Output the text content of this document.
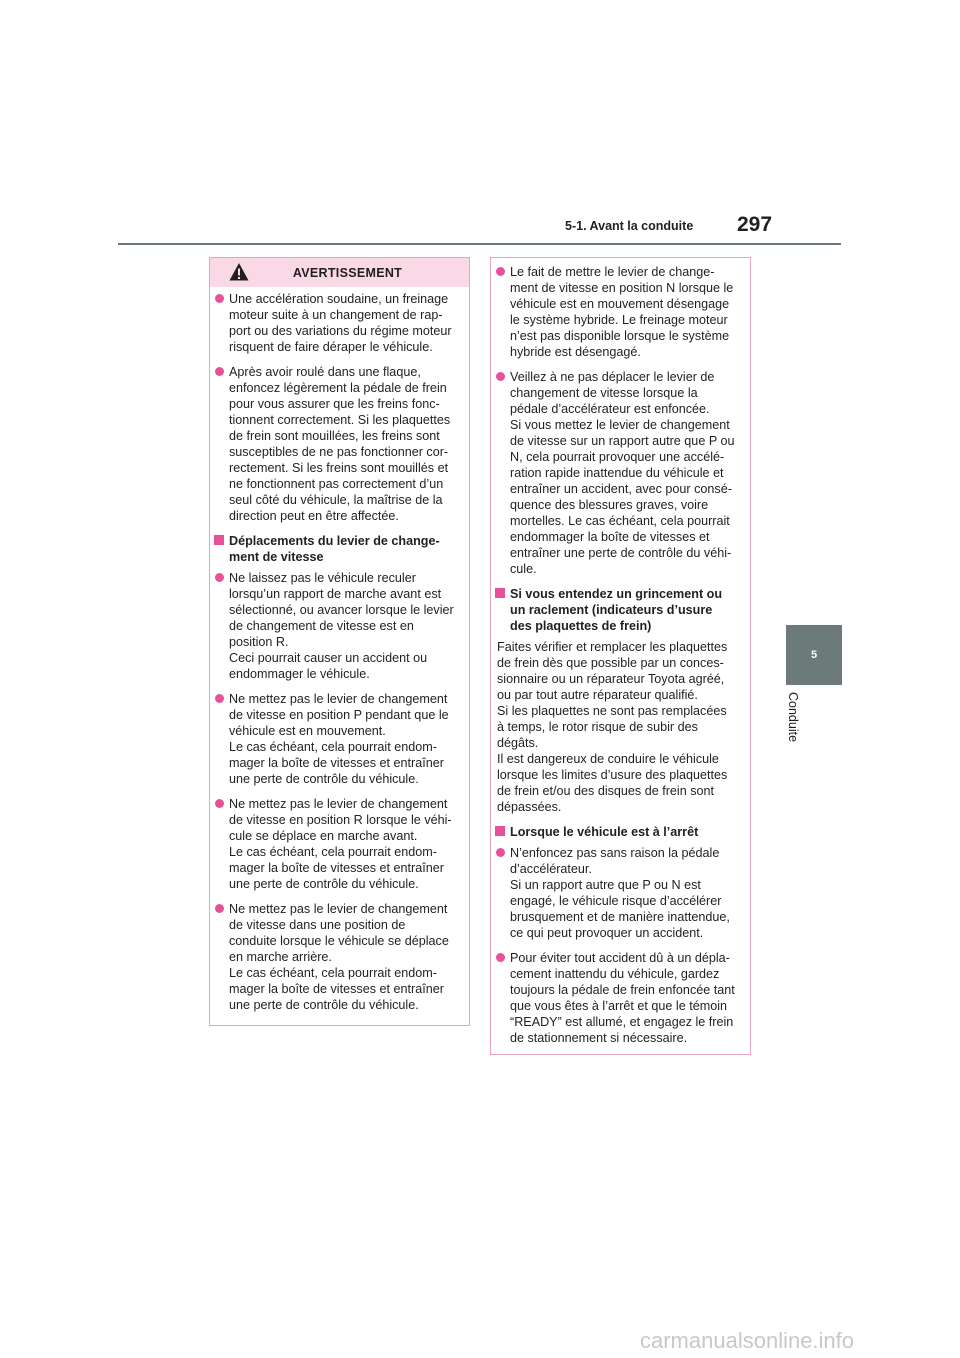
5-1. Avant la conduite 297
5
Conduite
AVERTISSEMENT
Une accélération soudaine, un freinage
moteur suite à un changement de rap-
port ou des variations du régime moteur
risquent de faire déraper le véhicule.
Après avoir roulé dans une flaque,
enfoncez légèrement la pédale de frein
pour vous assurer que les freins fonc-
tionnent correctement. Si les plaquettes
de frein sont mouillées, les freins sont
susceptibles de ne pas fonctionner cor-
rectement. Si les freins sont mouillés et
ne fonctionnent pas correctement d’un
seul côté du véhicule, la maîtrise de la
direction peut en être affectée.
Déplacements du levier de change-
ment de vitesse
Ne laissez pas le véhicule reculer
lorsqu’un rapport de marche avant est
sélectionné, ou avancer lorsque le levier
de changement de vitesse est en
position R.
Ceci pourrait causer un accident ou
endommager le véhicule.
Ne mettez pas le levier de changement
de vitesse en position P pendant que le
véhicule est en mouvement.
Le cas échéant, cela pourrait endom-
mager la boîte de vitesses et entraîner
une perte de contrôle du véhicule.
Ne mettez pas le levier de changement
de vitesse en position R lorsque le véhi-
cule se déplace en marche avant.
Le cas échéant, cela pourrait endom-
mager la boîte de vitesses et entraîner
une perte de contrôle du véhicule.
Ne mettez pas le levier de changement
de vitesse dans une position de
conduite lorsque le véhicule se déplace
en marche arrière.
Le cas échéant, cela pourrait endom-
mager la boîte de vitesses et entraîner
une perte de contrôle du véhicule.
Le fait de mettre le levier de change-
ment de vitesse en position N lorsque le
véhicule est en mouvement désengage
le système hybride. Le freinage moteur
n’est pas disponible lorsque le système
hybride est désengagé.
Veillez à ne pas déplacer le levier de
changement de vitesse lorsque la
pédale d’accélérateur est enfoncée.
Si vous mettez le levier de changement
de vitesse sur un rapport autre que P ou
N, cela pourrait provoquer une accélé-
ration rapide inattendue du véhicule et
entraîner un accident, avec pour consé-
quence des blessures graves, voire
mortelles. Le cas échéant, cela pourrait
endommager la boîte de vitesses et
entraîner une perte de contrôle du véhi-
cule.
Si vous entendez un grincement ou
un raclement (indicateurs d’usure
des plaquettes de frein)
Faites vérifier et remplacer les plaquettes
de frein dès que possible par un conces-
sionnaire ou un réparateur Toyota agréé,
ou par tout autre réparateur qualifié.
Si les plaquettes ne sont pas remplacées
à temps, le rotor risque de subir des
dégâts.
Il est dangereux de conduire le véhicule
lorsque les limites d’usure des plaquettes
de frein et/ou des disques de frein sont
dépassées.
Lorsque le véhicule est à l’arrêt
N’enfoncez pas sans raison la pédale
d’accélérateur.
Si un rapport autre que P ou N est
engagé, le véhicule risque d’accélérer
brusquement et de manière inattendue,
ce qui peut provoquer un accident.
Pour éviter tout accident dû à un dépla-
cement inattendu du véhicule, gardez
toujours la pédale de frein enfoncée tant
que vous êtes à l’arrêt et que le témoin
“READY” est allumé, et engagez le frein
de stationnement si nécessaire.
carmanualsonline.info
